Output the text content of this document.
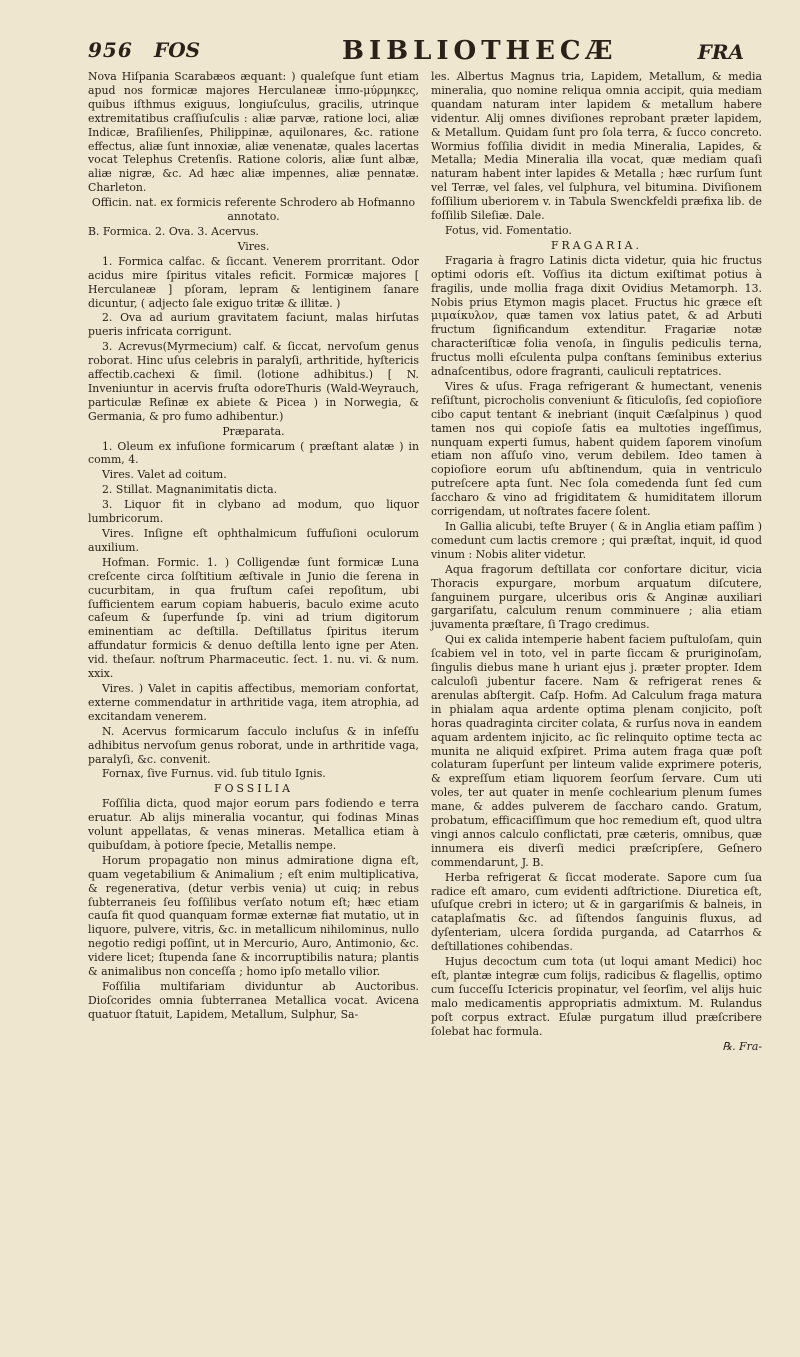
956 FOS	BIBLIOTHECÆ	FRA

Nova Hiſpania Scarabæos æquant: ) qualeſque ſunt etiam apud nos formicæ majores Herculaneæ ἱππο-μύρμηκες, quibus iſthmus exiguus, longiuſculus, gracilis, utrinque extremitatibus craſſiuſculis : aliæ parvæ, ratione loci, aliæ Indicæ, Braſilienſes, Philippinæ, aquilonares, &c. ratione effectus, aliæ ſunt innoxiæ, aliæ venenatæ, quales lacertas vocat Telephus Cretenſis. Ratione coloris, aliæ ſunt albæ, aliæ nigræ, &c. Ad hæc aliæ impennes, aliæ pennatæ. Charleton.

Officin. nat. ex formicis referente Schrodero ab Hofmanno annotato.

B. Formica. 2. Ova. 3. Acervus.

Vires.

1. Formica calfac. & ſiccant. Venerem prorritant. Odor acidus mire ſpiritus vitales reficit. Formicæ majores [ Herculaneæ ] pſoram, lepram & lentiginem ſanare dicuntur, ( adjecto ſale exiguo tritæ & illitæ. )

2. Ova ad aurium gravitatem faciunt, malas hirſutas pueris infricata corrigunt.

3. Acrevus(Myrmecium) calf. & ſiccat, nervoſum genus roborat. Hinc uſus celebris in paralyſi, arthritide, hyſtericis affectib.cachexi & ſimil. (lotione adhibitus.) [ N. Inveniuntur in acervis fruſta odoreThuris (Wald-Weyrauch, particulæ Reſinæ ex abiete & Picea ) in Norwegia, & Germania, & pro fumo adhibentur.)

Præparata.

1. Oleum ex infuſione formicarum ( præſtant alatæ ) in comm, 4.

Vires. Valet ad coitum.

2. Stillat. Magnanimitatis dicta.

3. Liquor fit in clybano ad modum, quo liquor lumbricorum.

Vires. Inſigne eſt ophthalmicum ſuffuſioni oculorum auxilium.

Hofman. Formic. 1. ) Colligendæ ſunt formicæ Luna creſcente circa ſolſtitium æſtivale in Junio die ſerena in cucurbitam, in qua fruſtum caſei repoſitum, ubi ſufficientem earum copiam habueris, baculo exime acuto caſeum & ſuperfunde ſp. vini ad trium digitorum eminentiam ac deſtilla. Deſtillatus ſpiritus iterum affundatur formicis & denuo deſtilla lento igne per Aten. vid. theſaur. noſtrum Pharmaceutic. ſect. 1. nu. vi. & num. xxix.

Vires. ) Valet in capitis affectibus, memoriam confortat, externe commendatur in arthritide vaga, item atrophia, ad excitandam venerem.

N. Acervus formicarum ſacculo incluſus & in inſeſſu adhibitus nervoſum genus roborat, unde in arthritide vaga, paralyſi, &c. convenit.

Fornax, ſive Furnus. vid. ſub titulo Ignis.

FOSSILIA

Foſſilia dicta, quod major eorum pars fodiendo e terra eruatur. Ab alijs mineralia vocantur, qui fodinas Minas volunt appellatas, & venas mineras. Metallica etiam à quibuſdam, à potiore ſpecie, Metallis nempe.

Horum propagatio non minus admiratione digna eſt, quam vegetabilium & Animalium ; eſt enim multiplicativa, & regenerativa, (detur verbis venia) ut cuiq; in rebus ſubterraneis ſeu foſſilibus verſato notum eſt; hæc etiam cauſa fit quod quanquam formæ externæ fiat mutatio, ut in liquore, pulvere, vitris, &c. in metallicum nihilominus, nullo negotio redigi poſſint, ut in Mercurio, Auro, Antimonio, &c. videre licet; ſtupenda ſane & incorruptibilis natura; plantis & animalibus non conceſſa ; homo ipſo metallo vilior.

Foſſilia multifariam dividuntur ab Auctoribus. Dioſcorides omnia ſubterranea Metallica vocat. Avicena quatuor ſtatuit, Lapidem, Metallum, Sulphur, Sa-

les. Albertus Magnus tria, Lapidem, Metallum, & media mineralia, quo nomine reliqua omnia accipit, quia mediam quandam naturam inter lapidem & metallum habere videntur. Alij omnes diviſiones reprobant præter lapidem, & Metallum. Quidam ſunt pro ſola terra, & ſucco concreto. Wormius foſſilia dividit in media Mineralia, Lapides, & Metalla; Media Mineralia illa vocat, quæ mediam quaſi naturam habent inter lapides & Metalla ; hæc rurſum ſunt vel Terræ, vel ſales, vel ſulphura, vel bitumina. Diviſionem foſſilium uberiorem v. in Tabula Swenckfeldi præfixa lib. de foſſilib Sileſiæ. Dale.

Fotus, vid. Fomentatio.

FRAGARIA.

Fragaria à fragro Latinis dicta videtur, quia hic fructus optimi odoris eſt. Voſſius ita dictum exiſtimat potius à fragilis, unde mollia fraga dixit Ovidius Metamorph. 13. Nobis prius Etymon magis placet. Fructus hic græce eſt μιμαίκυλον, quæ tamen vox latius patet, & ad Arbuti fructum ſignificandum extenditur. Fragariæ notæ characteriſticæ folia venoſa, in ſingulis pediculis terna, fructus molli eſculenta pulpa conſtans ſeminibus exterius adnaſcentibus, odore fragranti, cauliculi reptatrices.

Vires & uſus. Fraga refrigerant & humectant, venenis reſiſtunt, picrocholis conveniunt & ſiticuloſis, ſed copioſiore cibo caput tentant & inebriant (inquit Cæſalpinus ) quod tamen nos qui copioſe ſatis ea multoties ingeſſimus, nunquam experti ſumus, habent quidem ſaporem vinoſum etiam non aſſuſo vino, verum debilem. Ideo tamen à copioſiore eorum uſu abſtinendum, quia in ventriculo putreſcere apta ſunt. Nec ſola comedenda ſunt ſed cum ſaccharo & vino ad frigiditatem & humiditatem illorum corrigendam, ut noſtrates facere ſolent.

In Gallia alicubi, teſte Bruyer ( & in Anglia etiam paſſim ) comedunt cum lactis cremore ; qui præſtat, inquit, id quod vinum : Nobis aliter videtur.

Aqua fragorum deſtillata cor confortare dicitur, vicia Thoracis expurgare, morbum arquatum diſcutere, ſanguinem purgare, ulceribus oris & Anginæ auxiliari gargariſatu, calculum renum comminuere ; alia etiam juvamenta præſtare, ſi Trago credimus.

Qui ex calida intemperie habent faciem puſtuloſam, quin ſcabiem vel in toto, vel in parte ſiccam & pruriginoſam, ſingulis diebus mane h uriant ejus j. præter propter. Idem calculoſi jubentur facere. Nam & refrigerat renes & arenulas abſtergit. Caſp. Hofm. Ad Calculum fraga matura in phialam aqua ardente optima plenam conjicito, poſt horas quadraginta circiter colata, & rurſus nova in eandem aquam ardentem injicito, ac ſic relinquito optime tecta ac munita ne aliquid exſpiret. Prima autem fraga quæ poſt colaturam ſuperſunt per linteum valide exprimere poteris, & expreſſum etiam liquorem ſeorſum ſervare. Cum uti voles, ter aut quater in menſe cochlearium plenum ſumes mane, & addes pulverem de ſaccharo cando. Gratum, probatum, efficaciſſimum que hoc remedium eſt, quod ultra vingi annos calculo conflictati, præ cæteris, omnibus, quæ innumera eis diverſi medici præſcripſere, Geſnero commendarunt, J. B.

Herba refrigerat & ſiccat moderate. Sapore cum ſua radice eſt amaro, cum evidenti adſtrictione. Diuretica eſt, uſuſque crebri in ictero; ut & in gargariſmis & balneis, in cataplaſmatis &c. ad ſiſtendos ſanguinis fluxus, ad dyſenteriam, ulcera ſordida purganda, ad Catarrhos & deſtillationes cohibendas.

Hujus decoctum cum tota (ut loqui amant Medici) hoc eſt, plantæ integræ cum folijs, radicibus & flagellis, optimo cum ſucceſſu Ictericis propinatur, vel ſeorſim, vel alijs huic malo medicamentis appropriatis admixtum. M. Rulandus poſt corpus extract. Eſulæ purgatum illud præſcribere ſolebat hac formula.

℞. Fra-
